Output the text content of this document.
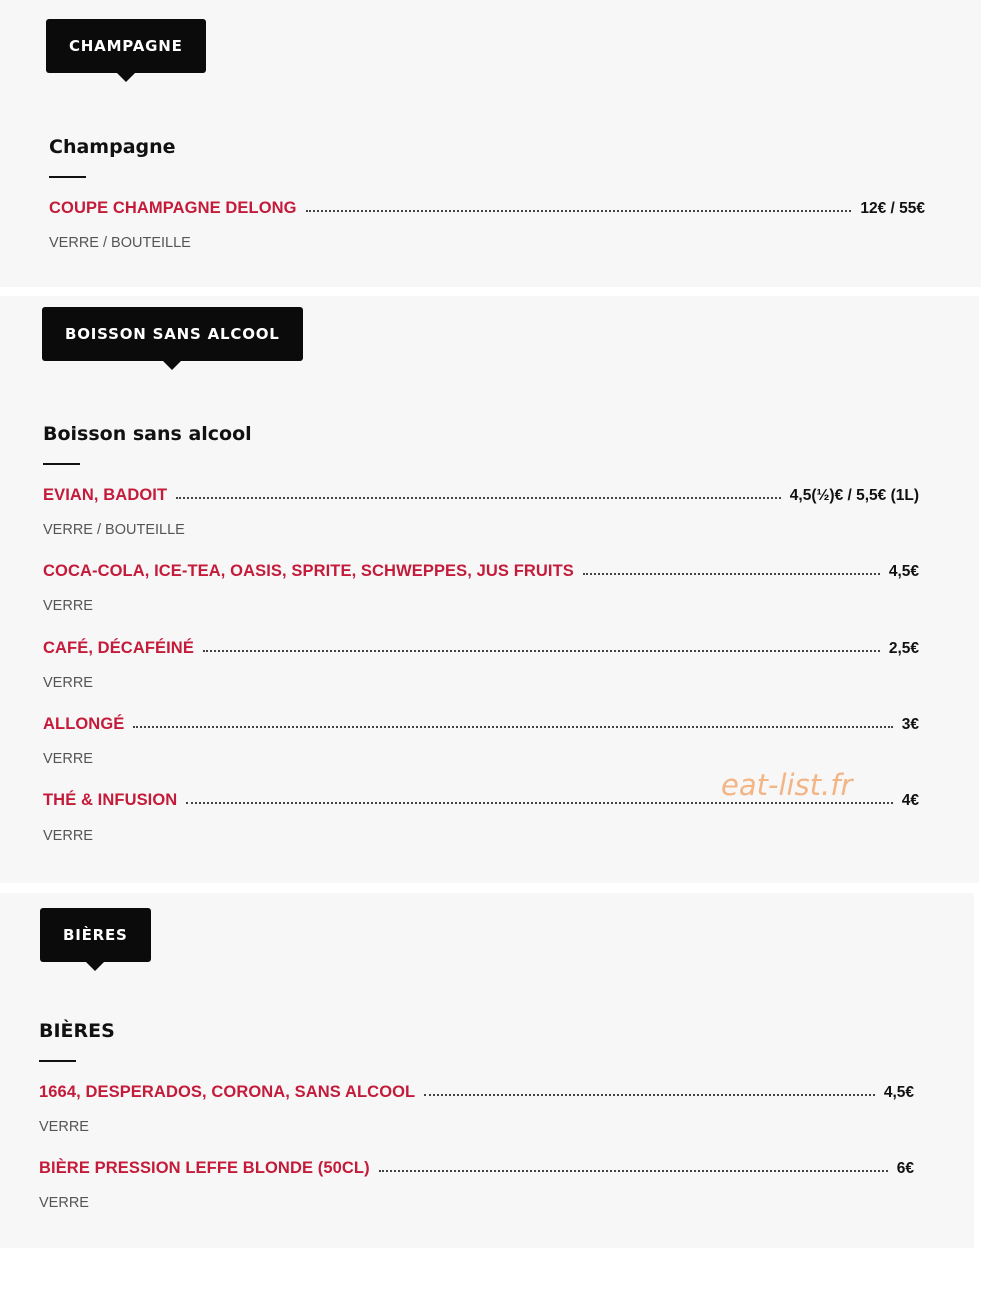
CHAMPAGNE
Champagne
COUPE CHAMPAGNE DELONG	12€ / 55€
VERRE / BOUTEILLE
BOISSON SANS ALCOOL
Boisson sans alcool
EVIAN, BADOIT	4,5(½)€ / 5,5€ (1L)
VERRE / BOUTEILLE
COCA-COLA, ICE-TEA, OASIS, SPRITE, SCHWEPPES, JUS FRUITS	4,5€
VERRE
CAFÉ, DÉCAFÉINÉ	2,5€
VERRE
ALLONGÉ	3€
VERRE
THÉ & INFUSION	4€
VERRE
eat-list.fr
BIÈRES
BIÈRES
1664, DESPERADOS, CORONA, SANS ALCOOL	4,5€
VERRE
BIÈRE PRESSION LEFFE BLONDE (50CL)	6€
VERRE
